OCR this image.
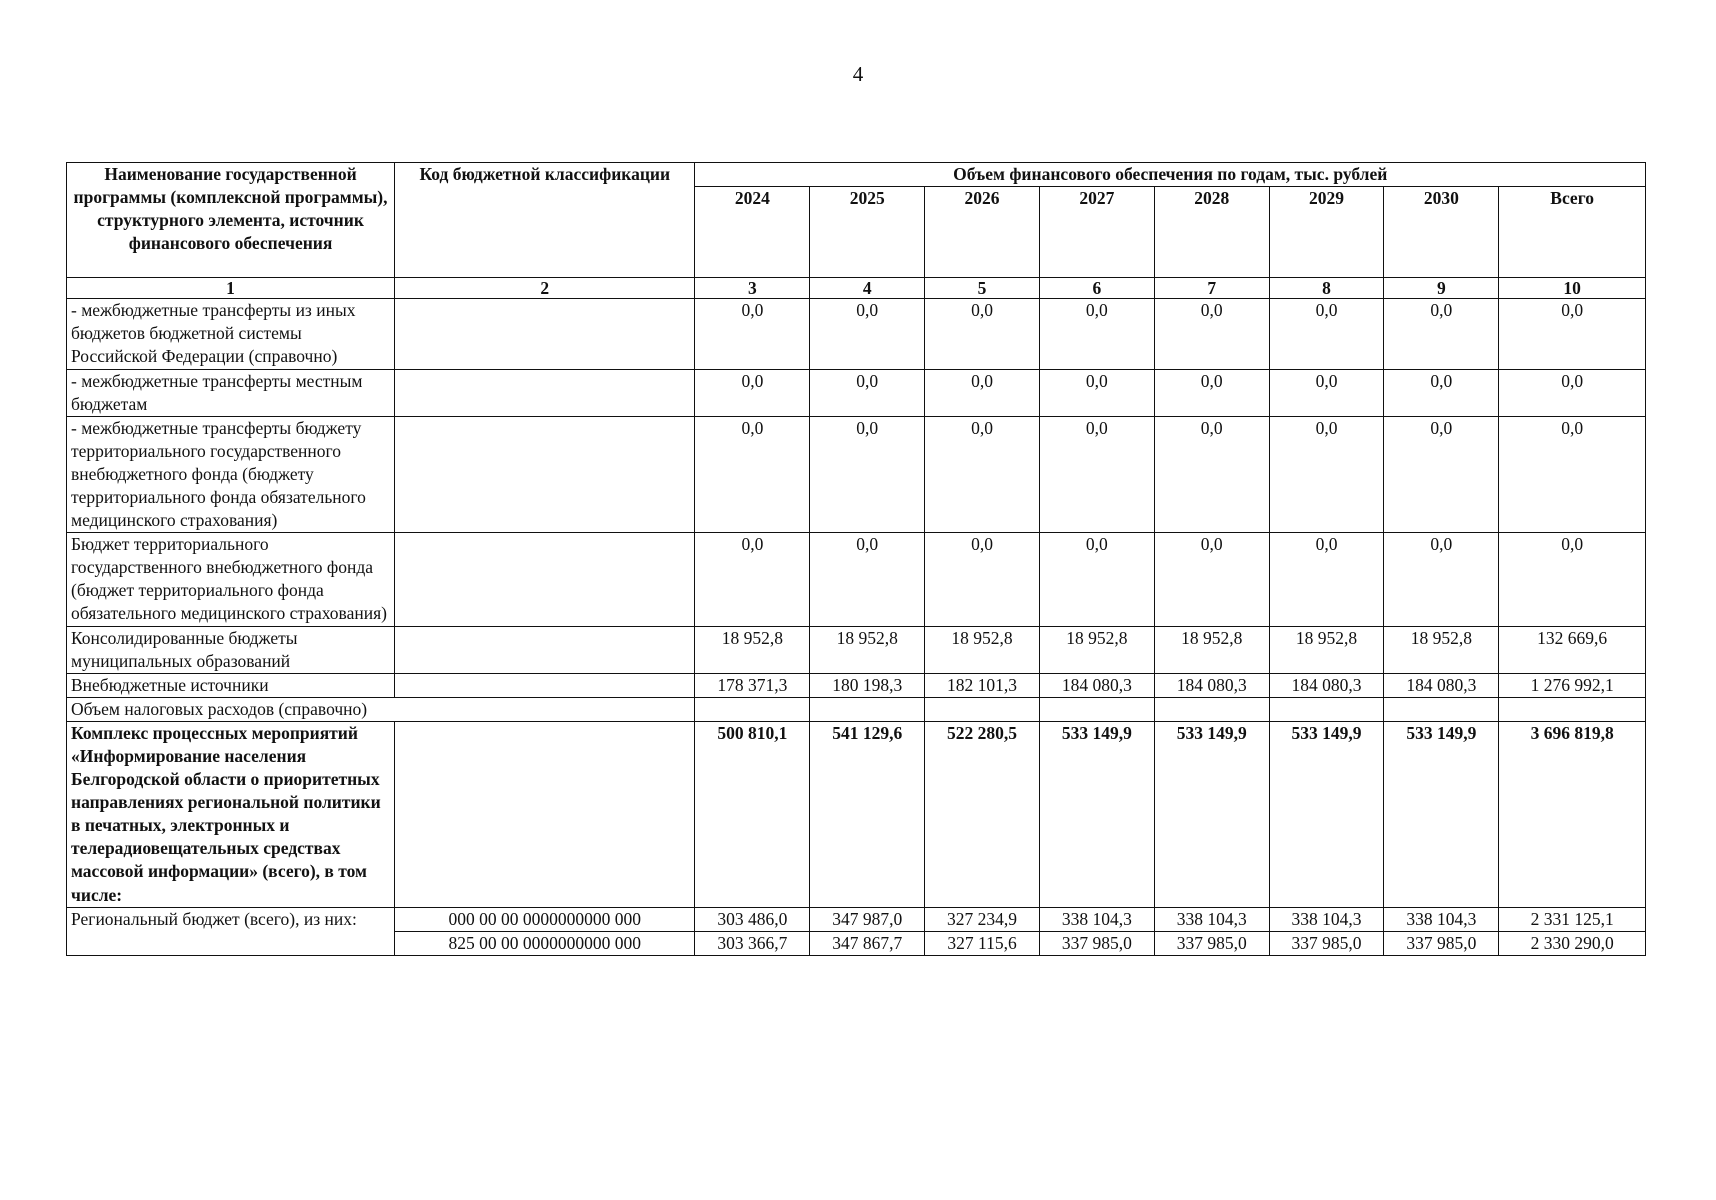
4
Наименование государственной программы (комплексной программы), структурного элемента, источник финансового обеспечения	Код бюджетной классификации	Объем финансового обеспечения по годам, тыс. рублей							
		2024	2025	2026	2027	2028	2029	2030	Всего
1	2	3	4	5	6	7	8	9	10
- межбюджетные трансферты из иных бюджетов бюджетной системы Российской Федерации (справочно)		0,0	0,0	0,0	0,0	0,0	0,0	0,0	0,0
- межбюджетные трансферты местным бюджетам		0,0	0,0	0,0	0,0	0,0	0,0	0,0	0,0
- межбюджетные трансферты бюджету территориального государственного внебюджетного фонда (бюджету территориального фонда обязательного медицинского страхования)		0,0	0,0	0,0	0,0	0,0	0,0	0,0	0,0
Бюджет территориального государственного внебюджетного фонда (бюджет территориального фонда обязательного медицинского страхования)		0,0	0,0	0,0	0,0	0,0	0,0	0,0	0,0
Консолидированные бюджеты муниципальных образований		18 952,8	18 952,8	18 952,8	18 952,8	18 952,8	18 952,8	18 952,8	132 669,6
Внебюджетные источники		178 371,3	180 198,3	182 101,3	184 080,3	184 080,3	184 080,3	184 080,3	1 276 992,1
Объем налоговых расходов (справочно)									
Комплекс процессных мероприятий «Информирование населения Белгородской области о приоритетных направлениях региональной политики в печатных, электронных и телерадиовещательных средствах массовой информации» (всего), в том числе:		500 810,1	541 129,6	522 280,5	533 149,9	533 149,9	533 149,9	533 149,9	3 696 819,8
Региональный бюджет (всего), из них:	000 00 00 0000000000 000	303 486,0	347 987,0	327 234,9	338 104,3	338 104,3	338 104,3	338 104,3	2 331 125,1
	825 00 00 0000000000 000	303 366,7	347 867,7	327 115,6	337 985,0	337 985,0	337 985,0	337 985,0	2 330 290,0
